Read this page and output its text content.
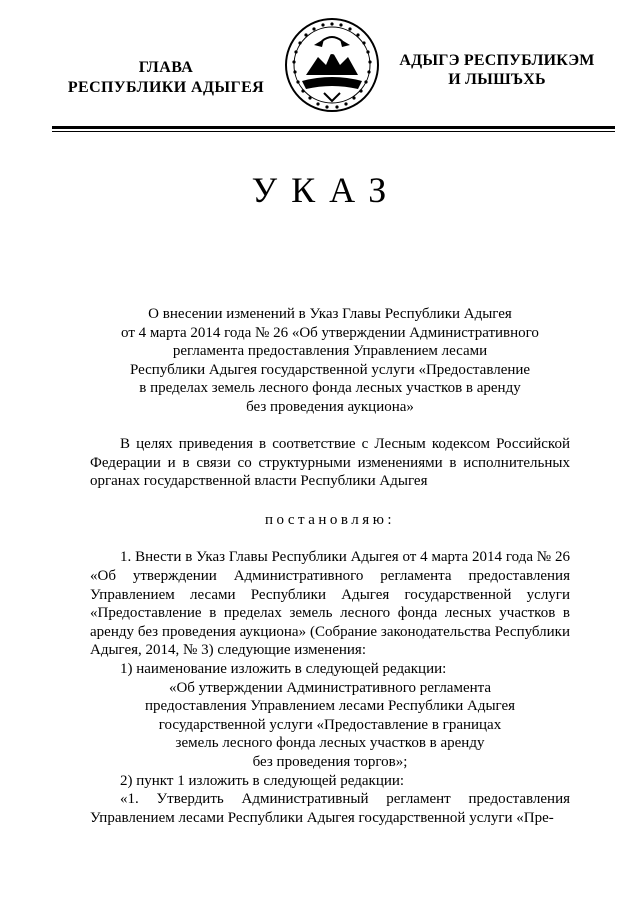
ГЛАВА
РЕСПУБЛИКИ АДЫГЕЯ
АДЫГЭ РЕСПУБЛИКЭМ
И ЛЫШЪХЬ
УКАЗ
О внесении изменений в Указ Главы Республики Адыгея
от 4 марта 2014 года № 26 «Об утверждении Административного
регламента предоставления Управлением лесами
Республики Адыгея государственной услуги «Предоставление
в пределах земель лесного фонда лесных участков в аренду
без проведения аукциона»

В целях приведения в соответствие с Лесным кодексом Российской Федерации и в связи со структурными изменениями в исполнительных органах государственной власти Республики Адыгея

постановляю:

1. Внести в Указ Главы Республики Адыгея от 4 марта 2014 года № 26 «Об утверждении Административного регламента предоставления Управлением лесами Республики Адыгея государственной услуги «Предоставление в пределах земель лесного фонда лесных участков в аренду без проведения аукциона» (Собрание законодательства Республики Адыгея, 2014, № 3) следующие изменения:

1) наименование изложить в следующей редакции:

«Об утверждении Административного регламента

предоставления Управлением лесами Республики Адыгея

государственной услуги «Предоставление в границах

земель лесного фонда лесных участков в аренду

без проведения торгов»;

2) пункт 1 изложить в следующей редакции:

«1. Утвердить Административный регламент предоставления Управлением лесами Республики Адыгея государственной услуги «Пре-
